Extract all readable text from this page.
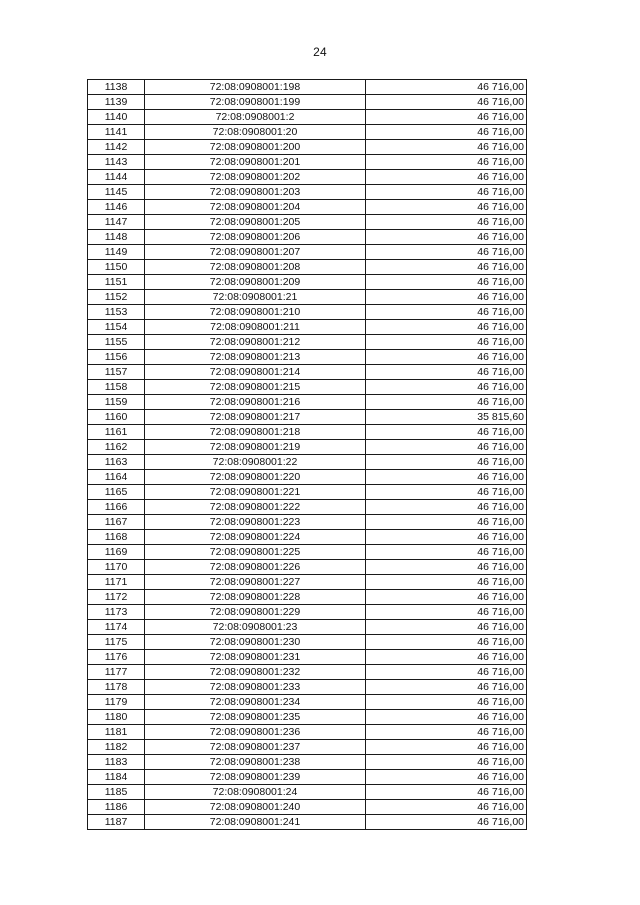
24
1138	72:08:0908001:198	46 716,00
1139	72:08:0908001:199	46 716,00
1140	72:08:0908001:2	46 716,00
1141	72:08:0908001:20	46 716,00
1142	72:08:0908001:200	46 716,00
1143	72:08:0908001:201	46 716,00
1144	72:08:0908001:202	46 716,00
1145	72:08:0908001:203	46 716,00
1146	72:08:0908001:204	46 716,00
1147	72:08:0908001:205	46 716,00
1148	72:08:0908001:206	46 716,00
1149	72:08:0908001:207	46 716,00
1150	72:08:0908001:208	46 716,00
1151	72:08:0908001:209	46 716,00
1152	72:08:0908001:21	46 716,00
1153	72:08:0908001:210	46 716,00
1154	72:08:0908001:211	46 716,00
1155	72:08:0908001:212	46 716,00
1156	72:08:0908001:213	46 716,00
1157	72:08:0908001:214	46 716,00
1158	72:08:0908001:215	46 716,00
1159	72:08:0908001:216	46 716,00
1160	72:08:0908001:217	35 815,60
1161	72:08:0908001:218	46 716,00
1162	72:08:0908001:219	46 716,00
1163	72:08:0908001:22	46 716,00
1164	72:08:0908001:220	46 716,00
1165	72:08:0908001:221	46 716,00
1166	72:08:0908001:222	46 716,00
1167	72:08:0908001:223	46 716,00
1168	72:08:0908001:224	46 716,00
1169	72:08:0908001:225	46 716,00
1170	72:08:0908001:226	46 716,00
1171	72:08:0908001:227	46 716,00
1172	72:08:0908001:228	46 716,00
1173	72:08:0908001:229	46 716,00
1174	72:08:0908001:23	46 716,00
1175	72:08:0908001:230	46 716,00
1176	72:08:0908001:231	46 716,00
1177	72:08:0908001:232	46 716,00
1178	72:08:0908001:233	46 716,00
1179	72:08:0908001:234	46 716,00
1180	72:08:0908001:235	46 716,00
1181	72:08:0908001:236	46 716,00
1182	72:08:0908001:237	46 716,00
1183	72:08:0908001:238	46 716,00
1184	72:08:0908001:239	46 716,00
1185	72:08:0908001:24	46 716,00
1186	72:08:0908001:240	46 716,00
1187	72:08:0908001:241	46 716,00
